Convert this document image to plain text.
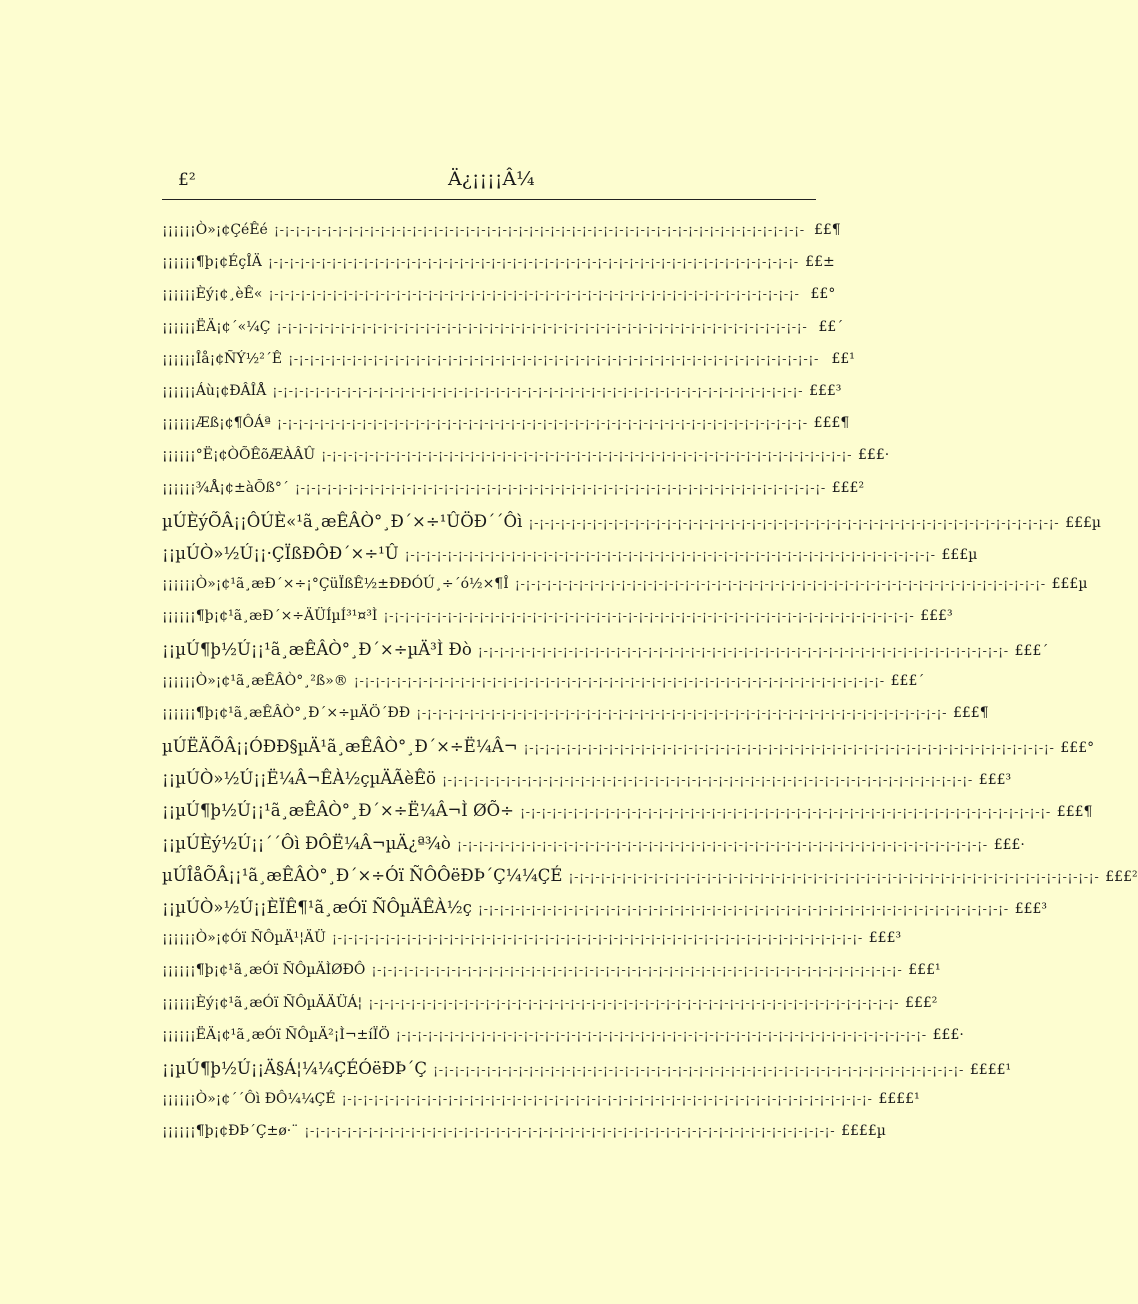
£²	Ä¿¡¡¡¡Â¼
¡¡¡¡¡¡Ò»¡¢ÇéÊé ¡-¡-¡-¡-¡-¡-¡-¡-¡-¡-¡-¡-¡-¡-¡-¡-¡-¡-¡-¡-¡-¡-¡-¡-¡-¡-¡-¡-¡-¡-¡-¡-¡-¡-¡-¡-¡-¡-¡-¡-¡-¡-¡-¡-¡-¡-¡-¡-¡-¡- ££¶
¡¡¡¡¡¡¶þ¡¢ÉçÎÄ ¡-¡-¡-¡-¡-¡-¡-¡-¡-¡-¡-¡-¡-¡-¡-¡-¡-¡-¡-¡-¡-¡-¡-¡-¡-¡-¡-¡-¡-¡-¡-¡-¡-¡-¡-¡-¡-¡-¡-¡-¡-¡-¡-¡-¡-¡-¡-¡-¡-¡- ££±
¡¡¡¡¡¡Èý¡¢¸èÊ« ¡-¡-¡-¡-¡-¡-¡-¡-¡-¡-¡-¡-¡-¡-¡-¡-¡-¡-¡-¡-¡-¡-¡-¡-¡-¡-¡-¡-¡-¡-¡-¡-¡-¡-¡-¡-¡-¡-¡-¡-¡-¡-¡-¡-¡-¡-¡-¡-¡-¡- ££°
¡¡¡¡¡¡ËÄ¡¢´«¼Ç ¡-¡-¡-¡-¡-¡-¡-¡-¡-¡-¡-¡-¡-¡-¡-¡-¡-¡-¡-¡-¡-¡-¡-¡-¡-¡-¡-¡-¡-¡-¡-¡-¡-¡-¡-¡-¡-¡-¡-¡-¡-¡-¡-¡-¡-¡-¡-¡-¡-¡- ££´
¡¡¡¡¡¡Îå¡¢ÑÝ½²´Ê ¡-¡-¡-¡-¡-¡-¡-¡-¡-¡-¡-¡-¡-¡-¡-¡-¡-¡-¡-¡-¡-¡-¡-¡-¡-¡-¡-¡-¡-¡-¡-¡-¡-¡-¡-¡-¡-¡-¡-¡-¡-¡-¡-¡-¡-¡-¡-¡-¡-¡- ££¹
¡¡¡¡¡¡Áù¡¢ÐÂÎÅ ¡-¡-¡-¡-¡-¡-¡-¡-¡-¡-¡-¡-¡-¡-¡-¡-¡-¡-¡-¡-¡-¡-¡-¡-¡-¡-¡-¡-¡-¡-¡-¡-¡-¡-¡-¡-¡-¡-¡-¡-¡-¡-¡-¡-¡-¡-¡-¡-¡-¡- £££³
¡¡¡¡¡¡Æß¡¢¶ÔÁª ¡-¡-¡-¡-¡-¡-¡-¡-¡-¡-¡-¡-¡-¡-¡-¡-¡-¡-¡-¡-¡-¡-¡-¡-¡-¡-¡-¡-¡-¡-¡-¡-¡-¡-¡-¡-¡-¡-¡-¡-¡-¡-¡-¡-¡-¡-¡-¡-¡-¡- £££¶
¡¡¡¡¡¡°Ë¡¢ÒÕÊõÆÀÂÛ ¡-¡-¡-¡-¡-¡-¡-¡-¡-¡-¡-¡-¡-¡-¡-¡-¡-¡-¡-¡-¡-¡-¡-¡-¡-¡-¡-¡-¡-¡-¡-¡-¡-¡-¡-¡-¡-¡-¡-¡-¡-¡-¡-¡-¡-¡-¡-¡-¡-¡- £££·
¡¡¡¡¡¡¾Å¡¢±àÕß°´ ¡-¡-¡-¡-¡-¡-¡-¡-¡-¡-¡-¡-¡-¡-¡-¡-¡-¡-¡-¡-¡-¡-¡-¡-¡-¡-¡-¡-¡-¡-¡-¡-¡-¡-¡-¡-¡-¡-¡-¡-¡-¡-¡-¡-¡-¡-¡-¡-¡-¡- £££²
µÚÈýÕÂ¡¡ÔÚÈ«¹ã¸æÊÂÒ°¸Ð´×÷¹ÛÖÐ´´Ôì ¡-¡-¡-¡-¡-¡-¡-¡-¡-¡-¡-¡-¡-¡-¡-¡-¡-¡-¡-¡-¡-¡-¡-¡-¡-¡-¡-¡-¡-¡-¡-¡-¡-¡-¡-¡-¡-¡-¡-¡-¡-¡-¡-¡-¡-¡-¡-¡-¡-¡- £££µ
¡¡µÚÒ»½Ú¡¡·ÇÏßÐÔÐ´×÷¹Û ¡-¡-¡-¡-¡-¡-¡-¡-¡-¡-¡-¡-¡-¡-¡-¡-¡-¡-¡-¡-¡-¡-¡-¡-¡-¡-¡-¡-¡-¡-¡-¡-¡-¡-¡-¡-¡-¡-¡-¡-¡-¡-¡-¡-¡-¡-¡-¡-¡-¡- £££µ
¡¡¡¡¡¡Ò»¡¢¹ã¸æÐ´×÷¡°ÇüÏßÊ½±ÐÐÓÚ¸÷´ó½×¶Î ¡-¡-¡-¡-¡-¡-¡-¡-¡-¡-¡-¡-¡-¡-¡-¡-¡-¡-¡-¡-¡-¡-¡-¡-¡-¡-¡-¡-¡-¡-¡-¡-¡-¡-¡-¡-¡-¡-¡-¡-¡-¡-¡-¡-¡-¡-¡-¡-¡-¡- £££µ
¡¡¡¡¡¡¶þ¡¢¹ã¸æÐ´×÷ÄÜÍµÍ³¹¤³Ì ¡-¡-¡-¡-¡-¡-¡-¡-¡-¡-¡-¡-¡-¡-¡-¡-¡-¡-¡-¡-¡-¡-¡-¡-¡-¡-¡-¡-¡-¡-¡-¡-¡-¡-¡-¡-¡-¡-¡-¡-¡-¡-¡-¡-¡-¡-¡-¡-¡-¡- £££³
¡¡µÚ¶þ½Ú¡¡¹ã¸æÊÂÒ°¸Ð´×÷µÄ³Ì Ðò ¡-¡-¡-¡-¡-¡-¡-¡-¡-¡-¡-¡-¡-¡-¡-¡-¡-¡-¡-¡-¡-¡-¡-¡-¡-¡-¡-¡-¡-¡-¡-¡-¡-¡-¡-¡-¡-¡-¡-¡-¡-¡-¡-¡-¡-¡-¡-¡-¡-¡- £££´
¡¡¡¡¡¡Ò»¡¢¹ã¸æÊÂÒ°¸²ß»® ¡-¡-¡-¡-¡-¡-¡-¡-¡-¡-¡-¡-¡-¡-¡-¡-¡-¡-¡-¡-¡-¡-¡-¡-¡-¡-¡-¡-¡-¡-¡-¡-¡-¡-¡-¡-¡-¡-¡-¡-¡-¡-¡-¡-¡-¡-¡-¡-¡-¡- £££´
¡¡¡¡¡¡¶þ¡¢¹ã¸æÊÂÒ°¸Ð´×÷µÄÖ´ÐÐ ¡-¡-¡-¡-¡-¡-¡-¡-¡-¡-¡-¡-¡-¡-¡-¡-¡-¡-¡-¡-¡-¡-¡-¡-¡-¡-¡-¡-¡-¡-¡-¡-¡-¡-¡-¡-¡-¡-¡-¡-¡-¡-¡-¡-¡-¡-¡-¡-¡-¡- £££¶
µÚËÄÕÂ¡¡ÓÐÐ§µÄ¹ã¸æÊÂÒ°¸Ð´×÷Ë¼Â¬ ¡-¡-¡-¡-¡-¡-¡-¡-¡-¡-¡-¡-¡-¡-¡-¡-¡-¡-¡-¡-¡-¡-¡-¡-¡-¡-¡-¡-¡-¡-¡-¡-¡-¡-¡-¡-¡-¡-¡-¡-¡-¡-¡-¡-¡-¡-¡-¡-¡-¡- £££°
¡¡µÚÒ»½Ú¡¡Ë¼Â¬ÊÀ½çµÄÃèÊö ¡-¡-¡-¡-¡-¡-¡-¡-¡-¡-¡-¡-¡-¡-¡-¡-¡-¡-¡-¡-¡-¡-¡-¡-¡-¡-¡-¡-¡-¡-¡-¡-¡-¡-¡-¡-¡-¡-¡-¡-¡-¡-¡-¡-¡-¡-¡-¡-¡-¡- £££³
¡¡µÚ¶þ½Ú¡¡¹ã¸æÊÂÒ°¸Ð´×÷Ë¼Â¬Ì ØÕ÷ ¡-¡-¡-¡-¡-¡-¡-¡-¡-¡-¡-¡-¡-¡-¡-¡-¡-¡-¡-¡-¡-¡-¡-¡-¡-¡-¡-¡-¡-¡-¡-¡-¡-¡-¡-¡-¡-¡-¡-¡-¡-¡-¡-¡-¡-¡-¡-¡-¡-¡- £££¶
¡¡µÚÈý½Ú¡¡´´Ôì ÐÔË¼Â¬µÄ¿ª¾ò ¡-¡-¡-¡-¡-¡-¡-¡-¡-¡-¡-¡-¡-¡-¡-¡-¡-¡-¡-¡-¡-¡-¡-¡-¡-¡-¡-¡-¡-¡-¡-¡-¡-¡-¡-¡-¡-¡-¡-¡-¡-¡-¡-¡-¡-¡-¡-¡-¡-¡- £££·
µÚÎåÕÂ¡¡¹ã¸æÊÂÒ°¸Ð´×÷Óï ÑÔÔëÐÞ´Ç¼¼ÇÉ ¡-¡-¡-¡-¡-¡-¡-¡-¡-¡-¡-¡-¡-¡-¡-¡-¡-¡-¡-¡-¡-¡-¡-¡-¡-¡-¡-¡-¡-¡-¡-¡-¡-¡-¡-¡-¡-¡-¡-¡-¡-¡-¡-¡-¡-¡-¡-¡-¡-¡- £££²
¡¡µÚÒ»½Ú¡¡ÈÏÊ¶¹ã¸æÓï ÑÔµÄÊÀ½ç ¡-¡-¡-¡-¡-¡-¡-¡-¡-¡-¡-¡-¡-¡-¡-¡-¡-¡-¡-¡-¡-¡-¡-¡-¡-¡-¡-¡-¡-¡-¡-¡-¡-¡-¡-¡-¡-¡-¡-¡-¡-¡-¡-¡-¡-¡-¡-¡-¡-¡- £££³
¡¡¡¡¡¡Ò»¡¢Óï ÑÔµÄ¹¦ÄÜ ¡-¡-¡-¡-¡-¡-¡-¡-¡-¡-¡-¡-¡-¡-¡-¡-¡-¡-¡-¡-¡-¡-¡-¡-¡-¡-¡-¡-¡-¡-¡-¡-¡-¡-¡-¡-¡-¡-¡-¡-¡-¡-¡-¡-¡-¡-¡-¡-¡-¡- £££³
¡¡¡¡¡¡¶þ¡¢¹ã¸æÓï ÑÔµÄÌØÐÔ ¡-¡-¡-¡-¡-¡-¡-¡-¡-¡-¡-¡-¡-¡-¡-¡-¡-¡-¡-¡-¡-¡-¡-¡-¡-¡-¡-¡-¡-¡-¡-¡-¡-¡-¡-¡-¡-¡-¡-¡-¡-¡-¡-¡-¡-¡-¡-¡-¡-¡- £££¹
¡¡¡¡¡¡Èý¡¢¹ã¸æÓï ÑÔµÄÄÜÁ¦ ¡-¡-¡-¡-¡-¡-¡-¡-¡-¡-¡-¡-¡-¡-¡-¡-¡-¡-¡-¡-¡-¡-¡-¡-¡-¡-¡-¡-¡-¡-¡-¡-¡-¡-¡-¡-¡-¡-¡-¡-¡-¡-¡-¡-¡-¡-¡-¡-¡-¡- £££²
¡¡¡¡¡¡ËÄ¡¢¹ã¸æÓï ÑÔµÄ²¡Ì¬±íÏÖ ¡-¡-¡-¡-¡-¡-¡-¡-¡-¡-¡-¡-¡-¡-¡-¡-¡-¡-¡-¡-¡-¡-¡-¡-¡-¡-¡-¡-¡-¡-¡-¡-¡-¡-¡-¡-¡-¡-¡-¡-¡-¡-¡-¡-¡-¡-¡-¡-¡-¡- £££·
¡¡µÚ¶þ½Ú¡¡Ä§Á¦¼¼ÇÉÓëÐÞ´Ç ¡-¡-¡-¡-¡-¡-¡-¡-¡-¡-¡-¡-¡-¡-¡-¡-¡-¡-¡-¡-¡-¡-¡-¡-¡-¡-¡-¡-¡-¡-¡-¡-¡-¡-¡-¡-¡-¡-¡-¡-¡-¡-¡-¡-¡-¡-¡-¡-¡-¡- ££££¹
¡¡¡¡¡¡Ò»¡¢´´Ôì ÐÔ¼¼ÇÉ ¡-¡-¡-¡-¡-¡-¡-¡-¡-¡-¡-¡-¡-¡-¡-¡-¡-¡-¡-¡-¡-¡-¡-¡-¡-¡-¡-¡-¡-¡-¡-¡-¡-¡-¡-¡-¡-¡-¡-¡-¡-¡-¡-¡-¡-¡-¡-¡-¡-¡- ££££¹
¡¡¡¡¡¡¶þ¡¢ÐÞ´Ç±ø·¨ ¡-¡-¡-¡-¡-¡-¡-¡-¡-¡-¡-¡-¡-¡-¡-¡-¡-¡-¡-¡-¡-¡-¡-¡-¡-¡-¡-¡-¡-¡-¡-¡-¡-¡-¡-¡-¡-¡-¡-¡-¡-¡-¡-¡-¡-¡-¡-¡-¡-¡- ££££µ
